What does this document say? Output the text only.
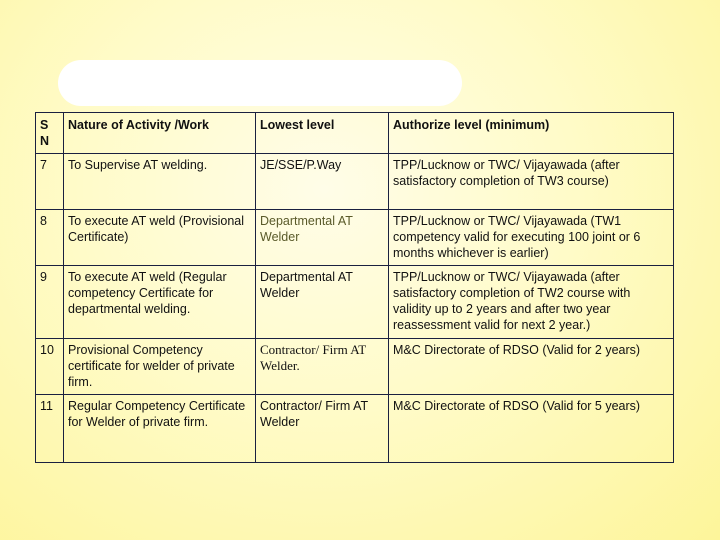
S N	Nature of Activity /Work	Lowest level	Authorize level (minimum)
7	To Supervise AT welding.	JE/SSE/P.Way	TPP/Lucknow or TWC/ Vijayawada (after satisfactory completion of TW3 course)
8	To execute AT weld (Provisional Certificate)	Departmental AT Welder	TPP/Lucknow or TWC/ Vijayawada (TW1 competency valid for executing 100 joint or 6 months whichever is earlier)
9	To execute AT weld (Regular competency Certificate for departmental welding.	Departmental AT Welder	TPP/Lucknow or TWC/ Vijayawada (after satisfactory completion of TW2 course with validity up to 2 years and after two year reassessment valid for next 2 year.)
10	Provisional Competency certificate for welder of private firm.	Contractor/ Firm AT Welder.	M&C Directorate of RDSO (Valid for 2 years)
11	Regular Competency Certificate for Welder of private firm.	Contractor/ Firm AT Welder	M&C Directorate of RDSO (Valid for 5 years)
